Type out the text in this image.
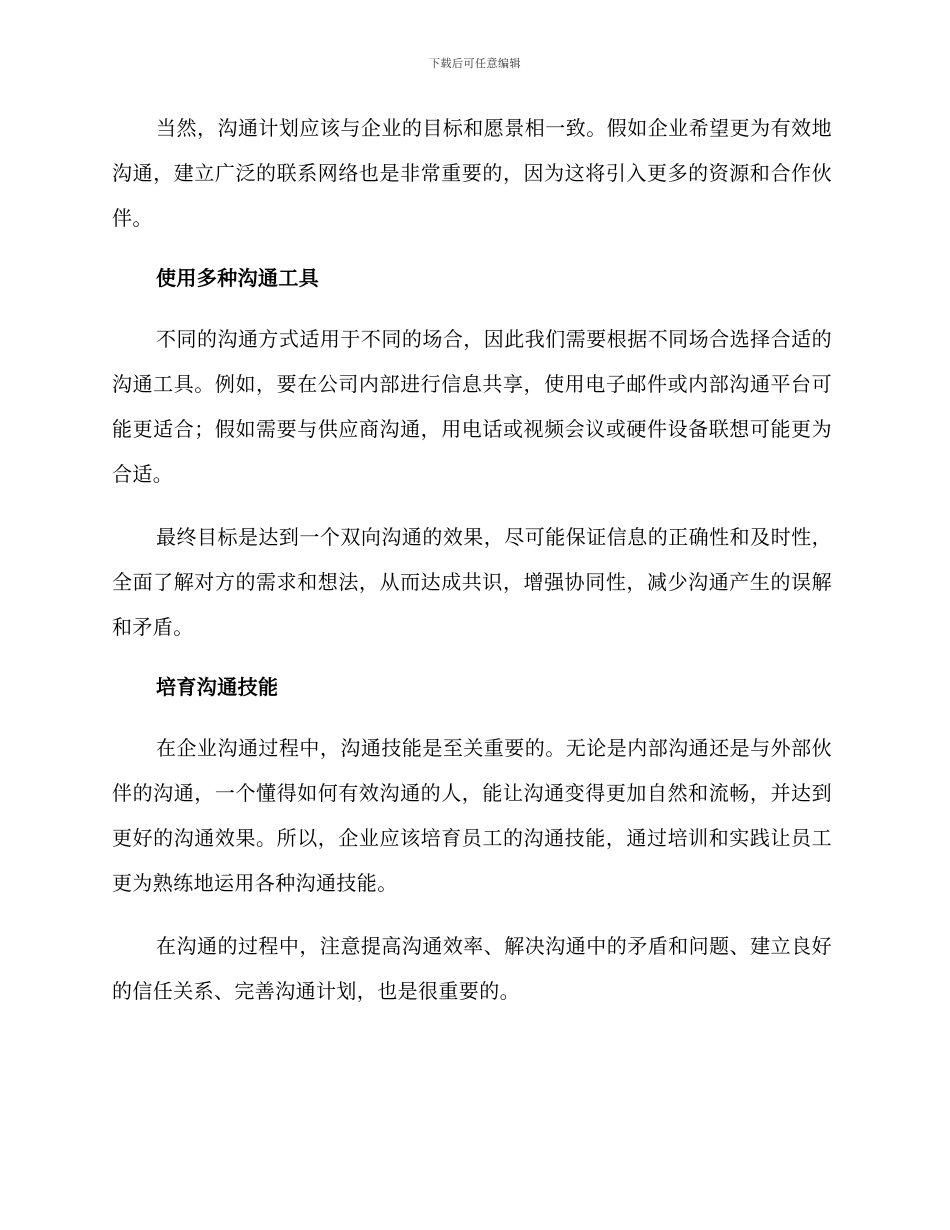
下载后可任意编辑

当然，沟通计划应该与企业的目标和愿景相一致。假如企业希望更为有效地沟通，建立广泛的联系网络也是非常重要的，因为这将引入更多的资源和合作伙伴。

使用多种沟通工具

不同的沟通方式适用于不同的场合，因此我们需要根据不同场合选择合适的沟通工具。例如，要在公司内部进行信息共享，使用电子邮件或内部沟通平台可能更适合；假如需要与供应商沟通，用电话或视频会议或硬件设备联想可能更为合适。

最终目标是达到一个双向沟通的效果，尽可能保证信息的正确性和及时性，全面了解对方的需求和想法，从而达成共识，增强协同性，减少沟通产生的误解和矛盾。

培育沟通技能

在企业沟通过程中，沟通技能是至关重要的。无论是内部沟通还是与外部伙伴的沟通，一个懂得如何有效沟通的人，能让沟通变得更加自然和流畅，并达到更好的沟通效果。所以，企业应该培育员工的沟通技能，通过培训和实践让员工更为熟练地运用各种沟通技能。

在沟通的过程中，注意提高沟通效率、解决沟通中的矛盾和问题、建立良好的信任关系、完善沟通计划，也是很重要的。
